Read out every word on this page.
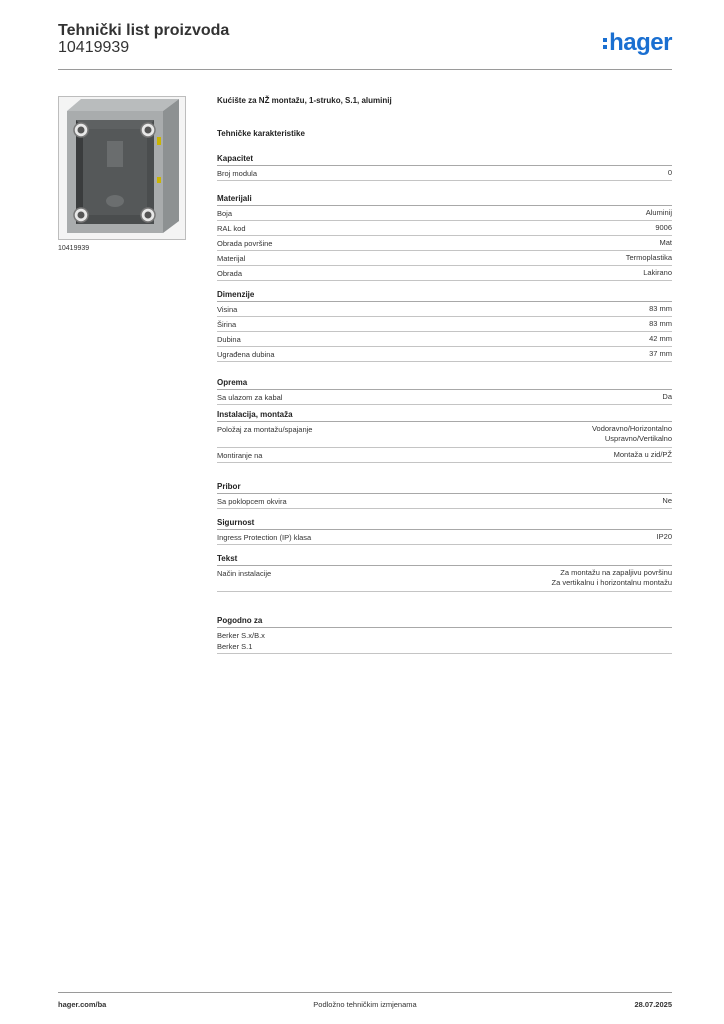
Tehnički list proizvoda
10419939	hager
10419939
Kućište za NŽ montažu, 1-struko, S.1, aluminij
Tehničke karakteristike
Kapacitet
Broj modula	0
Materijali
Boja	Aluminij
RAL kod	9006
Obrada površine	Mat
Materijal	Termoplastika
Obrada	Lakirano
Dimenzije
Visina	83 mm
Širina	83 mm
Dubina	42 mm
Ugrađena dubina	37 mm
Oprema
Sa ulazom za kabal	Da
Instalacija, montaža
Položaj za montažu/spajanje	Vodoravno/Horizontalno
Uspravno/Vertikalno
Montiranje na	Montaža u zid/PŽ
Pribor
Sa poklopcem okvira	Ne
Sigurnost
Ingress Protection (IP) klasa	IP20
Tekst
Način instalacije	Za montažu na zapaljivu površinu
Za vertikalnu i horizontalnu montažu
Pogodno za
Berker S.x/B.x
Berker S.1
hager.com/ba	Podložno tehničkim izmjenama	28.07.2025
